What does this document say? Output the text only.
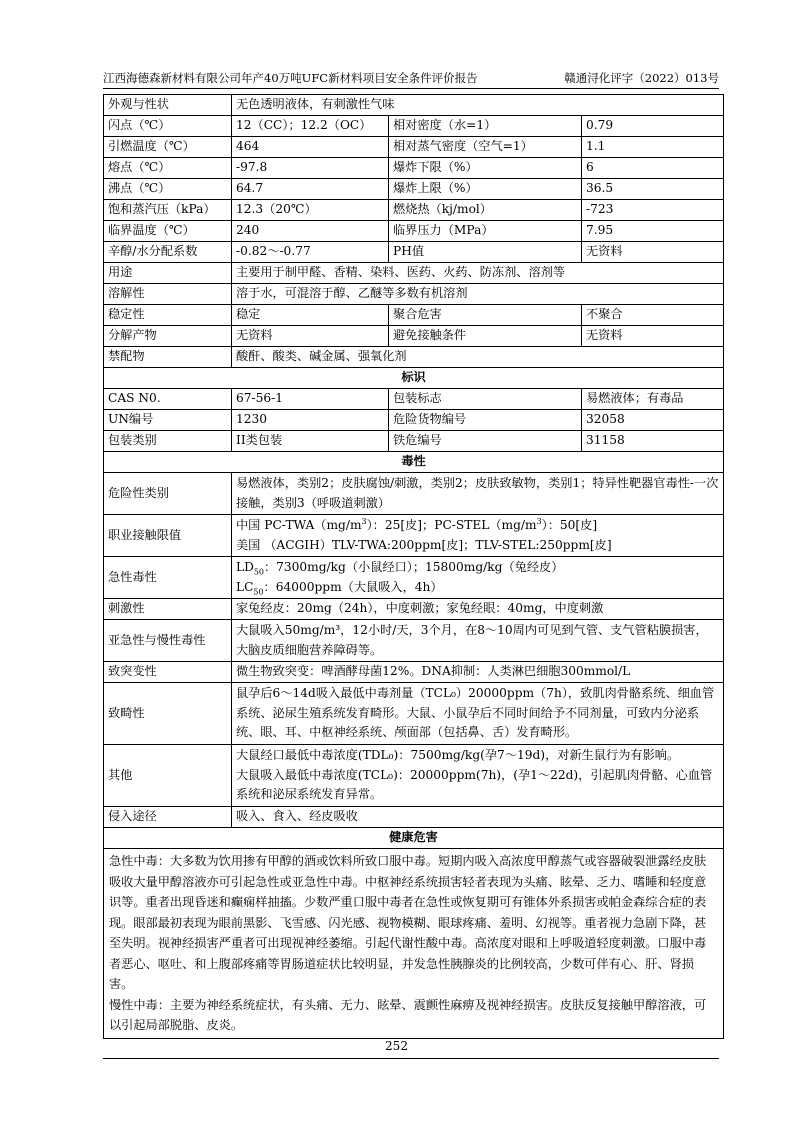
江西海德森新材料有限公司年产40万吨UFC新材料项目安全条件评价报告	赣通浔化评字（2022）013号
外观与性状	无色透明液体，有刺激性气味		
闪点（℃）	12（CC）；12.2（OC）	相对密度（水=1）	0.79
引燃温度（℃）	464	相对蒸气密度（空气=1）	1.1
熔点（℃）	-97.8	爆炸下限（%）	6
沸点（℃）	64.7	爆炸上限（%）	36.5
饱和蒸汽压（kPa）	12.3（20℃）	燃烧热（kj/mol）	-723
临界温度（℃）	240	临界压力（MPa）	7.95
辛醇/水分配系数	-0.82～-0.77	PH值	无资料
用途	主要用于制甲醛、香精、染料、医药、火药、防冻剂、溶剂等		
溶解性	溶于水，可混溶于醇、乙醚等多数有机溶剂		
稳定性	稳定	聚合危害	不聚合
分解产物	无资料	避免接触条件	无资料
禁配物	酸酐、酸类、碱金属、强氧化剂		
标识			
CAS N0.	67-56-1	包装标志	易燃液体；有毒品
UN编号	1230	危险货物编号	32058
包装类别	II类包装	铁危编号	31158
毒性			
危险性类别	易燃液体，类别2；皮肤腐蚀/刺激，类别2；皮肤致敏物，类别1；特异性靶器官毒性-一次接触，类别3（呼吸道刺激）		
职业接触限值	中国 $PC-TWA(mg/m^3)$：25[皮]；$PC-STEL(mg/m^3)$：50[皮]
美国 （ACGIH）TLV-TWA:200ppm[皮]；TLV-STEL:250ppm[皮]		

急性毒性	$LD_{50}$：7300mg/kg（小鼠经口）；15800mg/kg（兔经皮）
$LC_{50}$：64000ppm（大鼠吸入，4h）		

刺激性	家兔经皮：20mg（24h），中度刺激；家兔经眼：40mg，中度刺激		
亚急性与慢性毒性	大鼠吸入50mg/m³，12小时/天，3个月，在8～10周内可见到气管、支气管粘膜损害，大脑皮质细胞营养障碍等。		
致突变性	微生物致突变：啤酒酵母菌12%。DNA抑制：人类淋巴细胞300mmol/L		
致畸性	鼠孕后6～14d吸入最低中毒剂量（TCL₀）20000ppm（7h），致肌肉骨骼系统、细血管系统、泌尿生殖系统发育畸形。大鼠、小鼠孕后不同时间给予不同剂量，可致内分泌系统、眼、耳、中枢神经系统、颅面部（包括鼻、舌）发育畸形。		
其他	大鼠经口最低中毒浓度(TDL₀)：7500mg/kg(孕7～19d)，对新生鼠行为有影响。
大鼠吸入最低中毒浓度(TCL₀)：20000ppm(7h)，(孕1～22d)，引起肌肉骨骼、心血管系统和泌尿系统发育异常。		

侵入途径	吸入、食入、经皮吸收		
健康危害			

急性中毒：大多数为饮用掺有甲醇的酒或饮料所致口服中毒。短期内吸入高浓度甲醇蒸气或容器破裂泄露经皮肤吸收大量甲醇溶液亦可引起急性或亚急性中毒。中枢神经系统损害轻者表现为头痛、眩晕、乏力、嗜睡和轻度意识等。重者出现昏迷和癫痫样抽搐。少数严重口服中毒者在急性或恢复期可有锥体外系损害或帕金森综合症的表现。眼部最初表现为眼前黑影、飞雪感、闪光感、视物模糊、眼球疼痛、羞明、幻视等。重者视力急剧下降，甚至失明。视神经损害严重者可出现视神经萎缩。引起代谢性酸中毒。高浓度对眼和上呼吸道轻度刺激。口服中毒者恶心、呕吐、和上腹部疼痛等胃肠道症状比较明显，并发急性胰腺炎的比例较高，少数可伴有心、肝、肾损害。

慢性中毒：主要为神经系统症状，有头痛、无力、眩晕、震颤性麻痹及视神经损害。皮肤反复接触甲醇溶液，可以引起局部脱脂、皮炎。			

252
